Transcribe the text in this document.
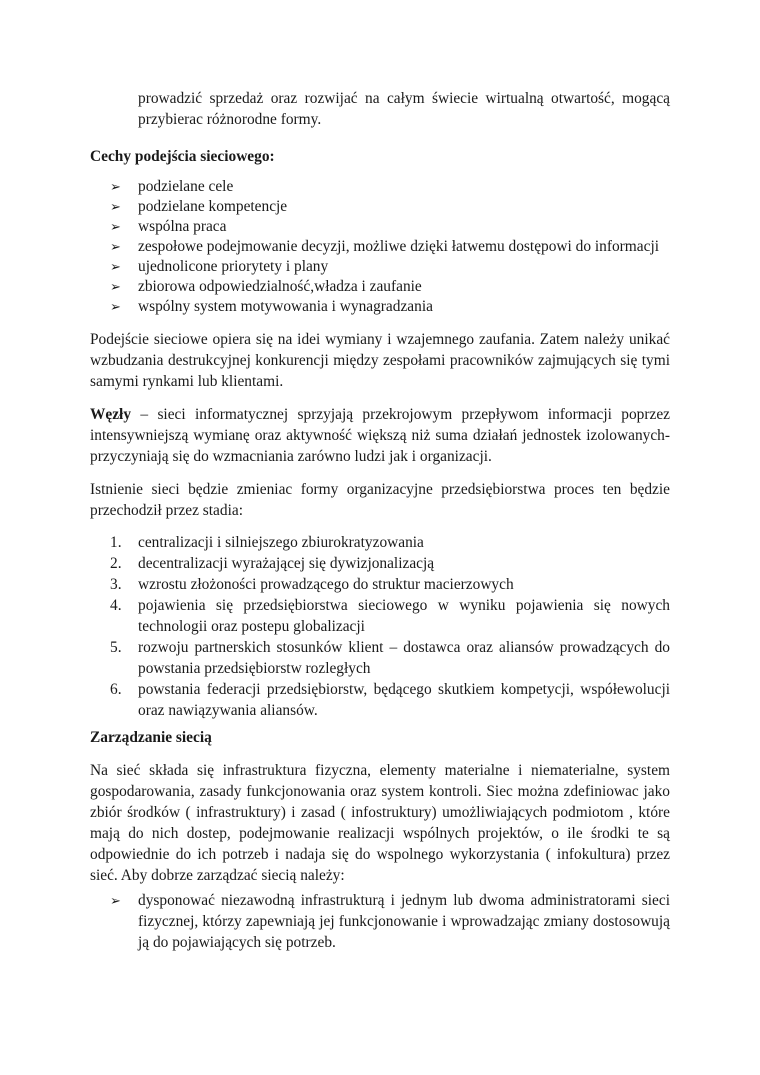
prowadzić sprzedaż oraz rozwijać na całym świecie wirtualną otwartość, mogącą przybierac różnorodne formy.

Cechy podejścia sieciowego:

➢ podzielane cele
➢ podzielane kompetencje
➢ wspólna praca
➢ zespołowe podejmowanie decyzji, możliwe dzięki łatwemu dostępowi do informacji
➢ ujednolicone priorytety i plany
➢ zbiorowa odpowiedzialność,władza i zaufanie
➢ wspólny system motywowania i wynagradzania

Podejście sieciowe opiera się na idei wymiany i wzajemnego zaufania. Zatem należy unikać wzbudzania destrukcyjnej konkurencji między zespołami pracowników zajmujących się tymi samymi rynkami lub klientami.

Węzły – sieci informatycznej sprzyjają przekrojowym przepływom informacji poprzez intensywniejszą wymianę oraz aktywność większą niż suma działań jednostek izolowanych- przyczyniają się do wzmacniania zarówno ludzi jak i organizacji.

Istnienie sieci będzie zmieniac formy organizacyjne przedsiębiorstwa proces ten będzie przechodził przez stadia:

1. centralizacji i silniejszego zbiurokratyzowania
2. decentralizacji wyrażającej się dywizjonalizacją
3. wzrostu złożoności prowadzącego do struktur macierzowych
4. pojawienia się przedsiębiorstwa sieciowego w wyniku pojawienia się nowych technologii oraz postepu globalizacji
5. rozwoju partnerskich stosunków klient – dostawca oraz aliansów prowadzących do powstania przedsiębiorstw rozległych
6. powstania federacji przedsiębiorstw, będącego skutkiem kompetycji, współewolucji oraz nawiązywania aliansów.

Zarządzanie siecią

Na sieć składa się infrastruktura fizyczna, elementy materialne i niematerialne, system gospodarowania, zasady funkcjonowania oraz system kontroli. Siec można zdefiniowac jako zbiór środków ( infrastruktury) i zasad ( infostruktury) umożliwiających podmiotom , które mają do nich dostep, podejmowanie realizacji wspólnych projektów, o ile środki te są odpowiednie do ich potrzeb i nadaja się do wspolnego wykorzystania ( infokultura) przez sieć. Aby dobrze zarządzać siecią należy:

➢ dysponować niezawodną infrastrukturą i jednym lub dwoma administratorami sieci fizycznej, którzy zapewniają jej funkcjonowanie i wprowadzając zmiany dostosowują ją do pojawiających się potrzeb.
